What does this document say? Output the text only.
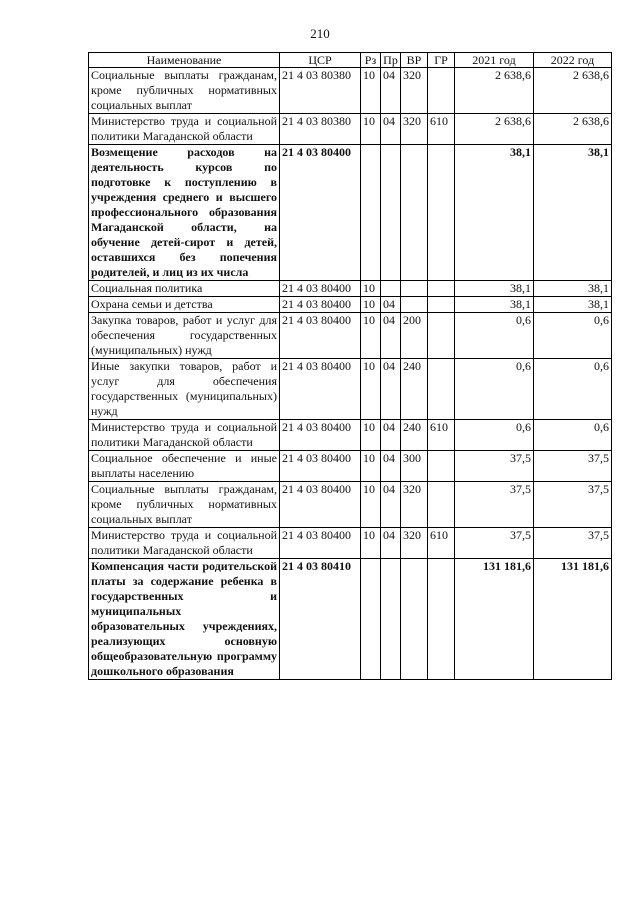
210
Наименование	ЦСР	Рз	Пр	ВР	ГР	2021 год	2022 год
Социальные выплаты гражданам, кроме публичных нормативных социальных выплат	21 4 03 80380	10	04	320		2 638,6	2 638,6
Министерство труда и социальной политики Магаданской области	21 4 03 80380	10	04	320	610	2 638,6	2 638,6
Возмещение расходов на деятельность курсов по подготовке к поступлению в учреждения среднего и высшего профессионального образования Магаданской области, на обучение детей-сирот и детей, оставшихся без попечения родителей, и лиц из их числа	21 4 03 80400					38,1	38,1
Социальная политика	21 4 03 80400	10				38,1	38,1
Охрана семьи и детства	21 4 03 80400	10	04			38,1	38,1
Закупка товаров, работ и услуг для обеспечения государственных (муниципальных) нужд	21 4 03 80400	10	04	200		0,6	0,6
Иные закупки товаров, работ и услуг для обеспечения государственных (муниципальных) нужд	21 4 03 80400	10	04	240		0,6	0,6
Министерство труда и социальной политики Магаданской области	21 4 03 80400	10	04	240	610	0,6	0,6
Социальное обеспечение и иные выплаты населению	21 4 03 80400	10	04	300		37,5	37,5
Социальные выплаты гражданам, кроме публичных нормативных социальных выплат	21 4 03 80400	10	04	320		37,5	37,5
Министерство труда и социальной политики Магаданской области	21 4 03 80400	10	04	320	610	37,5	37,5
Компенсация части родительской платы за содержание ребенка в государственных и муниципальных образовательных учреждениях, реализующих основную общеобразовательную программу дошкольного образования	21 4 03 80410					131 181,6	131 181,6
